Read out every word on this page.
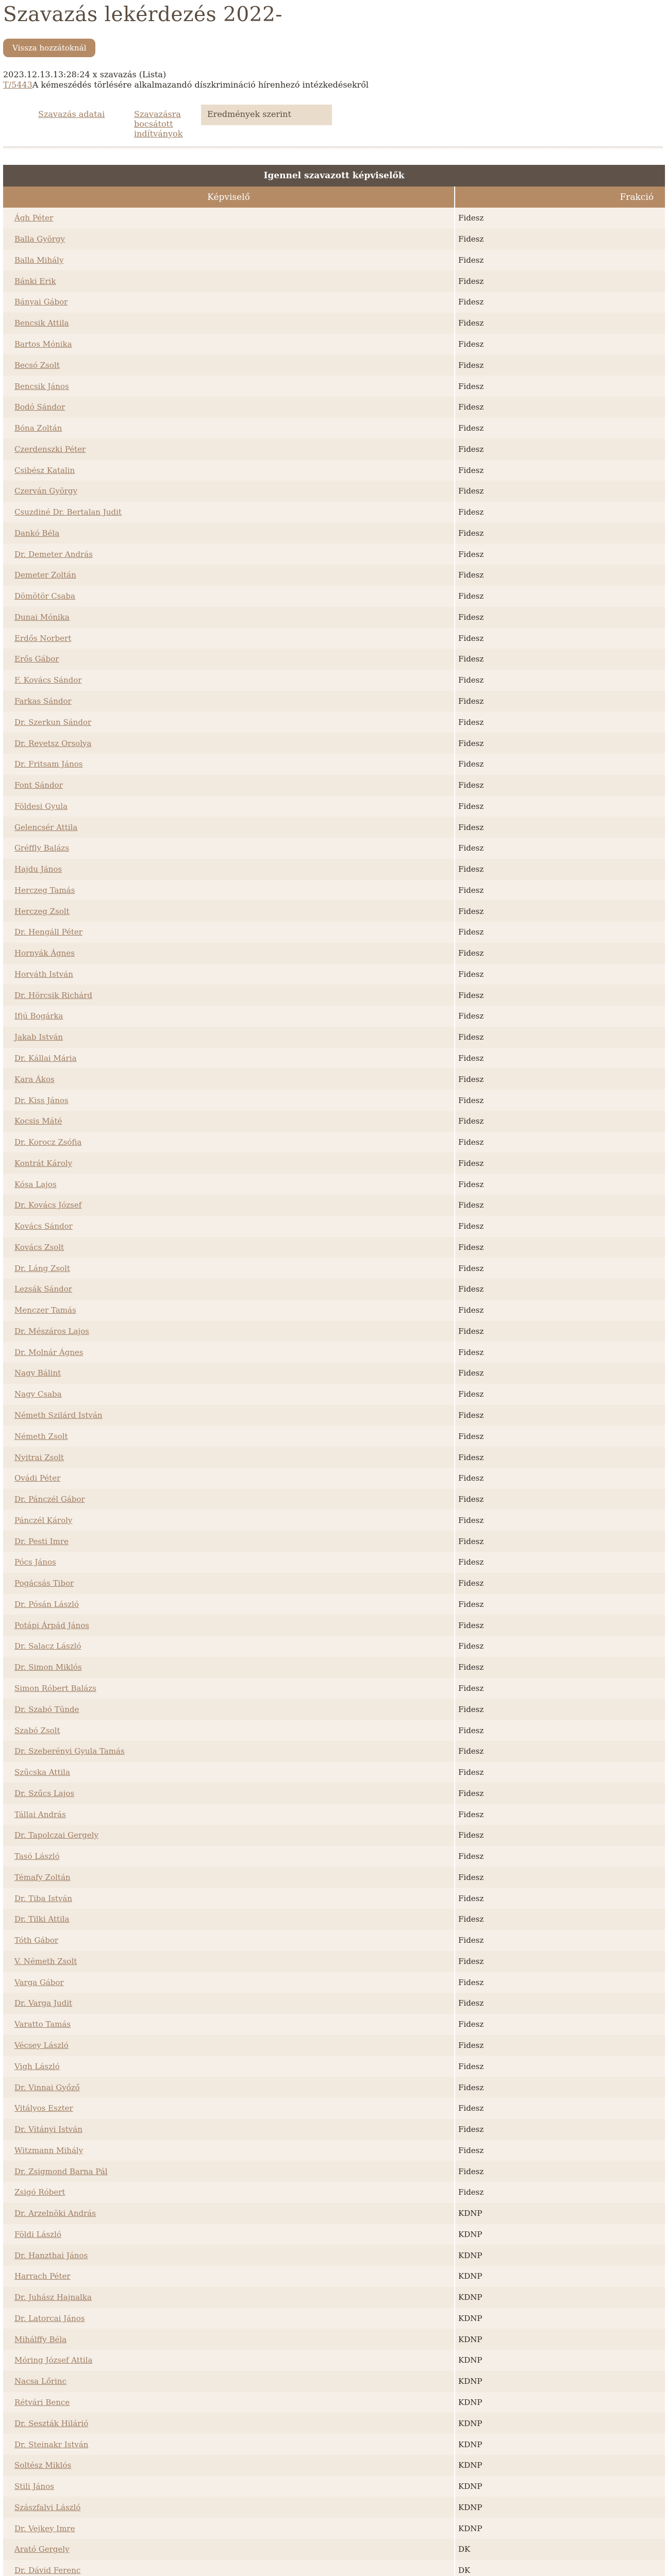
Szavazás lekérdezés 2022-
Vissza hozzátoknál
2023.12.13.13:28:24 x szavazás (Lista)
T/5443A kémeszédés törlésére alkalmazandó díszkrimináció hírenhezó intézkedésekről
Szavazás adatai	Szavazásra bocsátott indítványok
Eredmények szerint
Igennel szavazott képviselők	
Képviselő	Frakció
Ágh Péter	Fidesz
Balla György	Fidesz
Balla Mihály	Fidesz
Bánki Erik	Fidesz
Bányai Gábor	Fidesz
Bencsik Attila	Fidesz
Bartos Mónika	Fidesz
Becsó Zsolt	Fidesz
Bencsik János	Fidesz
Bodó Sándor	Fidesz
Bóna Zoltán	Fidesz
Czerdenszki Péter	Fidesz
Csibész Katalin	Fidesz
Czerván György	Fidesz
Csuzdiné Dr. Bertalan Judit	Fidesz
Dankó Béla	Fidesz
Dr. Demeter András	Fidesz
Demeter Zoltán	Fidesz
Dömötör Csaba	Fidesz
Dunai Mónika	Fidesz
Erdős Norbert	Fidesz
Erős Gábor	Fidesz
F. Kovács Sándor	Fidesz
Farkas Sándor	Fidesz
Dr. Szerkun Sándor	Fidesz
Dr. Revetsz Orsolya	Fidesz
Dr. Fritsam János	Fidesz
Font Sándor	Fidesz
Földesi Gyula	Fidesz
Gelencsér Attila	Fidesz
Gréffly Balázs	Fidesz
Hajdu János	Fidesz
Herczeg Tamás	Fidesz
Herczeg Zsolt	Fidesz
Dr. Hengáll Péter	Fidesz
Hornyák Ágnes	Fidesz
Horváth István	Fidesz
Dr. Hörcsik Richárd	Fidesz
Ifjú Bogárka	Fidesz
Jakab István	Fidesz
Dr. Kállai Mária	Fidesz
Kara Ákos	Fidesz
Dr. Kiss János	Fidesz
Kocsis Máté	Fidesz
Dr. Korocz Zsófia	Fidesz
Kontrát Károly	Fidesz
Kósa Lajos	Fidesz
Dr. Kovács József	Fidesz
Kovács Sándor	Fidesz
Kovács Zsolt	Fidesz
Dr. Láng Zsolt	Fidesz
Lezsák Sándor	Fidesz
Menczer Tamás	Fidesz
Dr. Mészáros Lajos	Fidesz
Dr. Molnár Ágnes	Fidesz
Nagy Bálint	Fidesz
Nagy Csaba	Fidesz
Németh Szilárd István	Fidesz
Németh Zsolt	Fidesz
Nyitrai Zsolt	Fidesz
Ovádi Péter	Fidesz
Dr. Pánczél Gábor	Fidesz
Pánczél Károly	Fidesz
Dr. Pesti Imre	Fidesz
Pócs János	Fidesz
Pogácsás Tibor	Fidesz
Dr. Pósán László	Fidesz
Potápi Árpád János	Fidesz
Dr. Salacz László	Fidesz
Dr. Simon Miklós	Fidesz
Simon Róbert Balázs	Fidesz
Dr. Szabó Tünde	Fidesz
Szabó Zsolt	Fidesz
Dr. Szeberényi Gyula Tamás	Fidesz
Szűcska Attila	Fidesz
Dr. Szűcs Lajos	Fidesz
Tállai András	Fidesz
Dr. Tapolczai Gergely	Fidesz
Tasó László	Fidesz
Témafy Zoltán	Fidesz
Dr. Tiba István	Fidesz
Dr. Tilki Attila	Fidesz
Tóth Gábor	Fidesz
V. Németh Zsolt	Fidesz
Varga Gábor	Fidesz
Dr. Varga Judit	Fidesz
Varatto Tamás	Fidesz
Vécsey László	Fidesz
Vigh László	Fidesz
Dr. Vinnai Győző	Fidesz
Vitályos Eszter	Fidesz
Dr. Vitányi István	Fidesz
Witzmann Mihály	Fidesz
Dr. Zsigmond Barna Pál	Fidesz
Zsigó Róbert	Fidesz
Dr. Arzelnöki András	KDNP
Földi László	KDNP
Dr. Hanzthai János	KDNP
Harrach Péter	KDNP
Dr. Juhász Hajnalka	KDNP
Dr. Latorcai János	KDNP
Mihálffy Béla	KDNP
Móring József Attila	KDNP
Nacsa Lőrinc	KDNP
Rétvári Bence	KDNP
Dr. Seszták Hilárió	KDNP
Dr. Steinakr István	KDNP
Soltész Miklós	KDNP
Stili János	KDNP
Szászfalvi László	KDNP
Dr. Vejkey Imre	KDNP
Arató Gergely	DK
Dr. Dávid Ferenc	DK
